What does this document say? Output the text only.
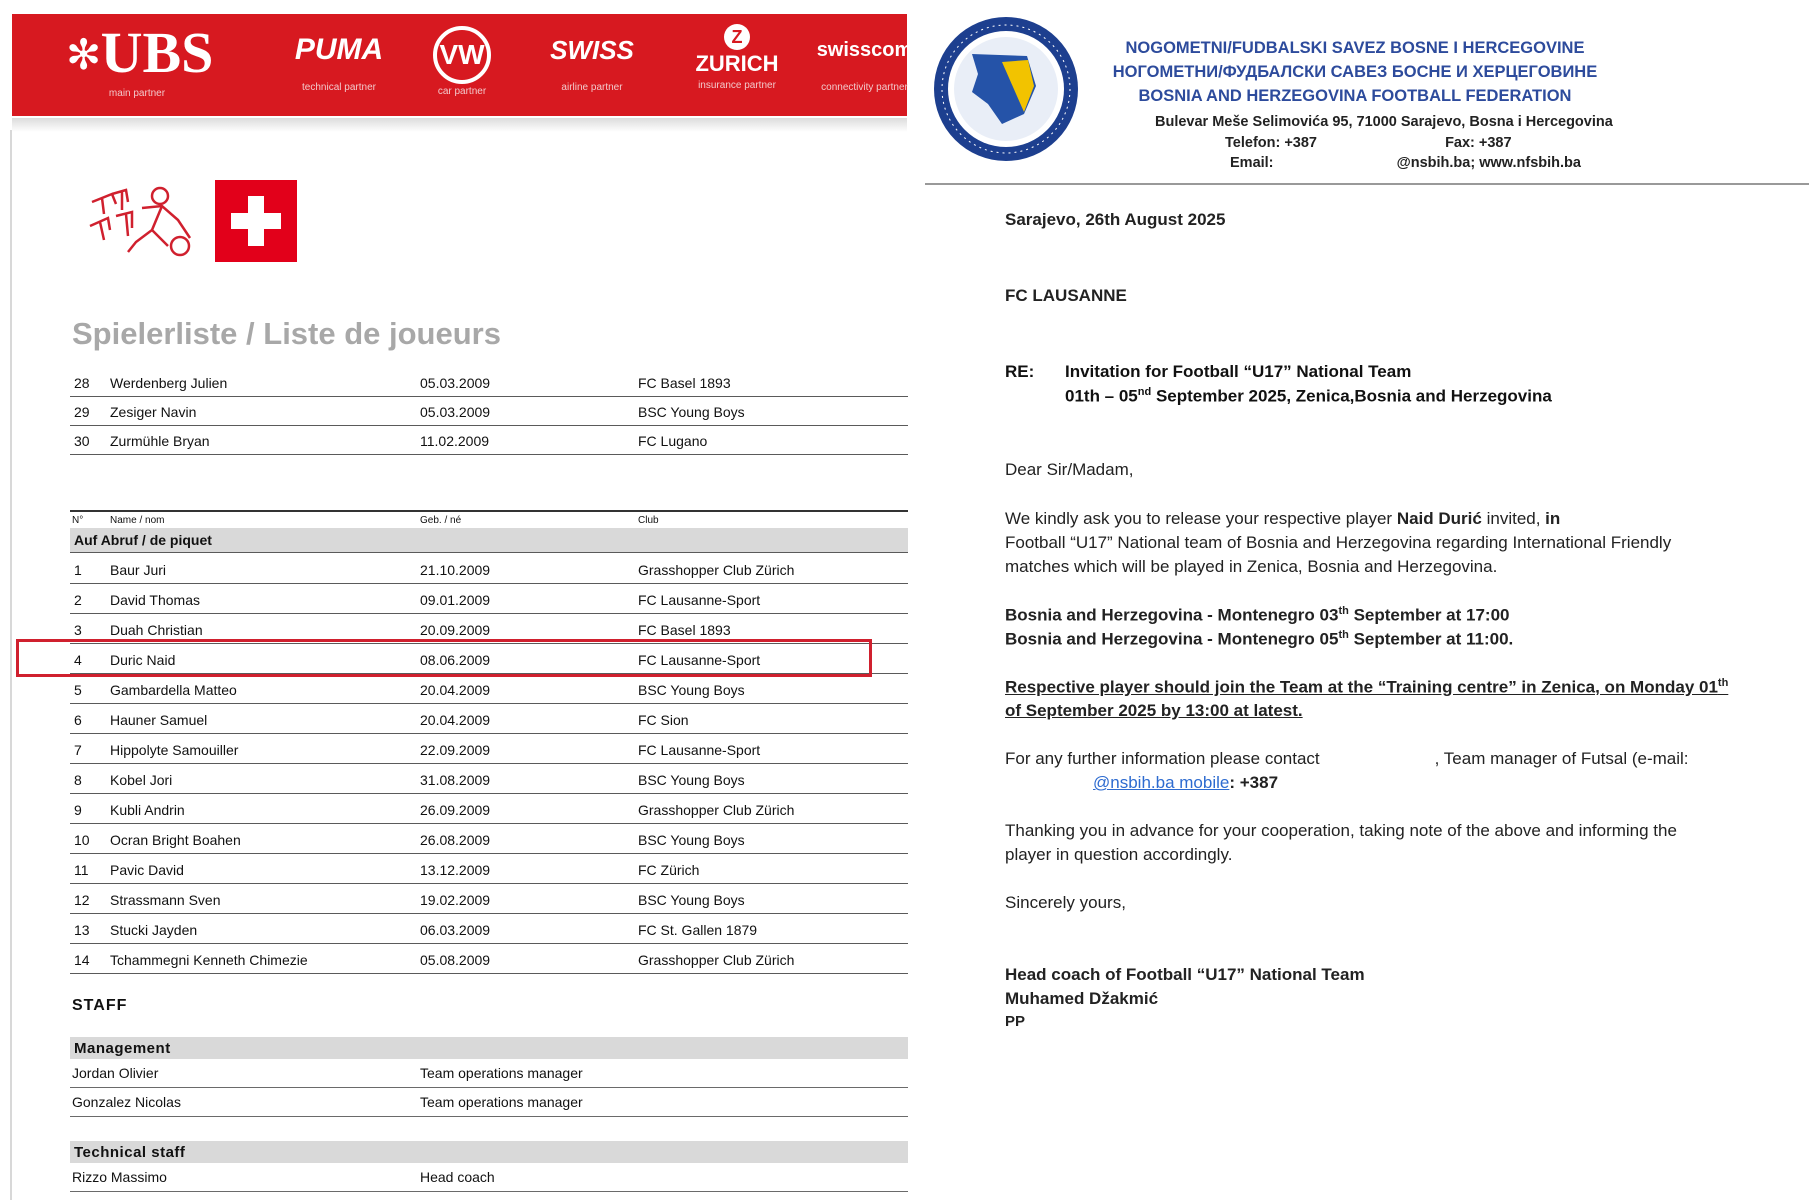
✻ UBS
main partner
PUMA
technical partner
VW
car partner
SWISS
airline partner
Z
ZURICH
insurance partner
swisscom
connectivity partner
Spielerliste / Liste de joueurs
28 Werdenberg Julien	05.03.2009	FC Basel 1893
29 Zesiger Navin	05.03.2009	BSC Young Boys
30 Zurmühle Bryan	11.02.2009	FC Lugano
N°	Name / nom	Geb. / né	Club
Auf Abruf / de piquet
1 Baur Juri	21.10.2009	Grasshopper Club Zürich
2 David Thomas	09.01.2009	FC Lausanne-Sport
3 Duah Christian	20.09.2009	FC Basel 1893
4 Duric Naid	08.06.2009	FC Lausanne-Sport
5 Gambardella Matteo	20.04.2009	BSC Young Boys
6 Hauner Samuel	20.04.2009	FC Sion
7 Hippolyte Samouiller	22.09.2009	FC Lausanne-Sport
8 Kobel Jori	31.08.2009	BSC Young Boys
9 Kubli Andrin	26.09.2009	Grasshopper Club Zürich
10 Ocran Bright Boahen	26.08.2009	BSC Young Boys
11 Pavic David	13.12.2009	FC Zürich
12 Strassmann Sven	19.02.2009	BSC Young Boys
13 Stucki Jayden	06.03.2009	FC St. Gallen 1879
14 Tchammegni Kenneth Chimezie	05.08.2009	Grasshopper Club Zürich
STAFF
Management
Jordan Olivier	Team operations manager
Gonzalez Nicolas	Team operations manager
Technical staff
Rizzo Massimo	Head coach
NOGOMETNI/FUDBALSKI SAVEZ BOSNE I HERCEGOVINE
НОГОМЕТНИ/ФУДБАЛСКИ САВЕЗ БОСНЕ И ХЕРЦЕГОВИНЕ
BOSNIA AND HERZEGOVINA FOOTBALL FEDERATION
Bulevar Meše Selimovića 95, 71000 Sarajevo, Bosna i Hercegovina
Telefon: +387	Fax: +387
Email:	@nsbih.ba; www.nfsbih.ba
Sarajevo, 26th August 2025
FC LAUSANNE
RE: Invitation for Football “U17” National Team
01th – 05nd September 2025, Zenica,Bosnia and Herzegovina
Dear Sir/Madam,
We kindly ask you to release your respective player Naid Durić invited, in
Football “U17” National team of Bosnia and Herzegovina regarding International Friendly
matches which will be played in Zenica, Bosnia and Herzegovina.
Bosnia and Herzegovina - Montenegro 03th September at 17:00
Bosnia and Herzegovina - Montenegro 05th September at 11:00.
Respective player should join the Team at the “Training centre” in Zenica, on Monday 01th
of September 2025 by 13:00 at latest.
For any further information please contact	, Team manager of Futsal (e-mail:
@nsbih.ba mobile: +387
Thanking you in advance for your cooperation, taking note of the above and informing the
player in question accordingly.
Sincerely yours,
Head coach of Football “U17” National Team
Muhamed Džakmić
PP
